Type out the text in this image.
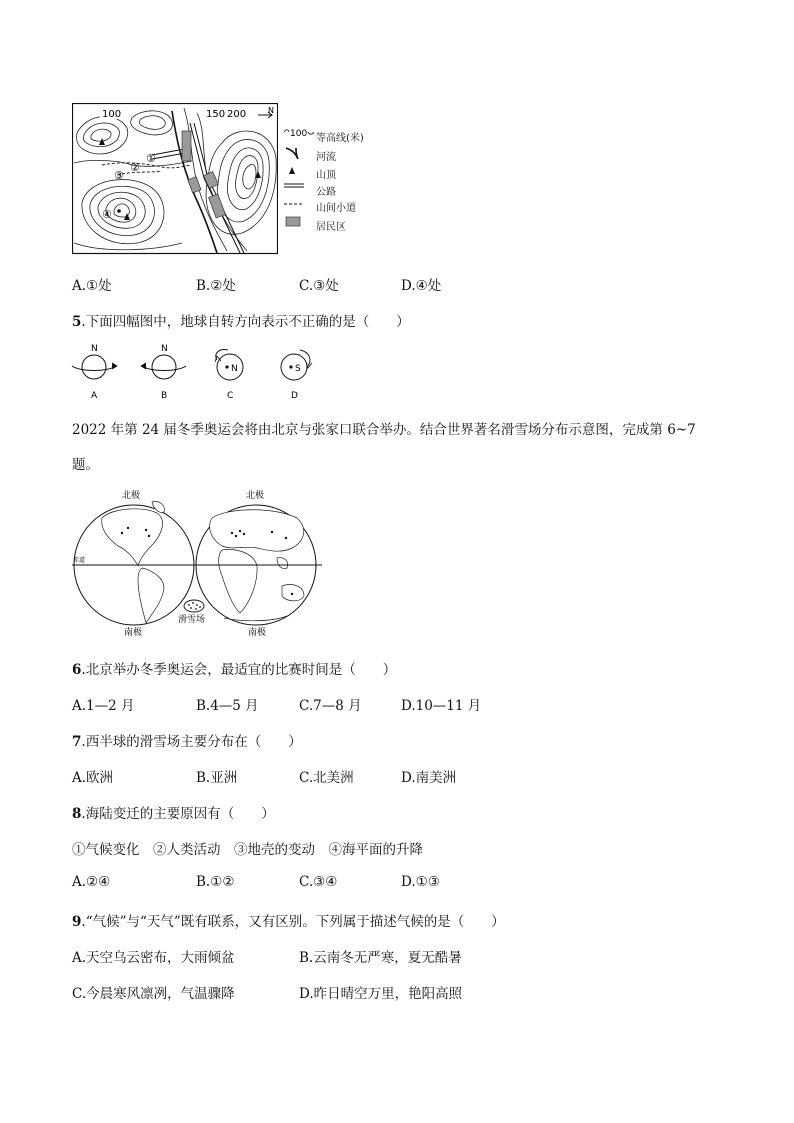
100	150 200	N
①
②
③
④
100 等高线(米)
河流
山顶
公路
山间小道
居民区
A.①处	B.②处	C.③处	D.④处
5.下面四幅图中，地球自转方向表示不正确的是（　　）
N
A
N
B
N
C
S
D
2022 年第 24 届冬季奥运会将由北京与张家口联合举办。结合世界著名滑雪场分布示意图，完成第 6~7
题。
北极	北极
赤道
滑雪场
南极	南极
6.北京举办冬季奥运会，最适宜的比赛时间是（　　）
A.1—2 月	B.4—5 月	C.7—8 月	D.10—11 月
7.西半球的滑雪场主要分布在（　　）
A.欧洲	B.亚洲	C.北美洲	D.南美洲
8.海陆变迁的主要原因有（　　）
①气候变化　②人类活动　③地壳的变动　④海平面的升降
A.②④	B.①②	C.③④	D.①③
9.“气候”与“天气”既有联系，又有区别。下列属于描述气候的是（　　）
A.天空乌云密布，大雨倾盆	B.云南冬无严寒，夏无酷暑
C.今晨寒风凛冽，气温骤降	D.昨日晴空万里，艳阳高照
